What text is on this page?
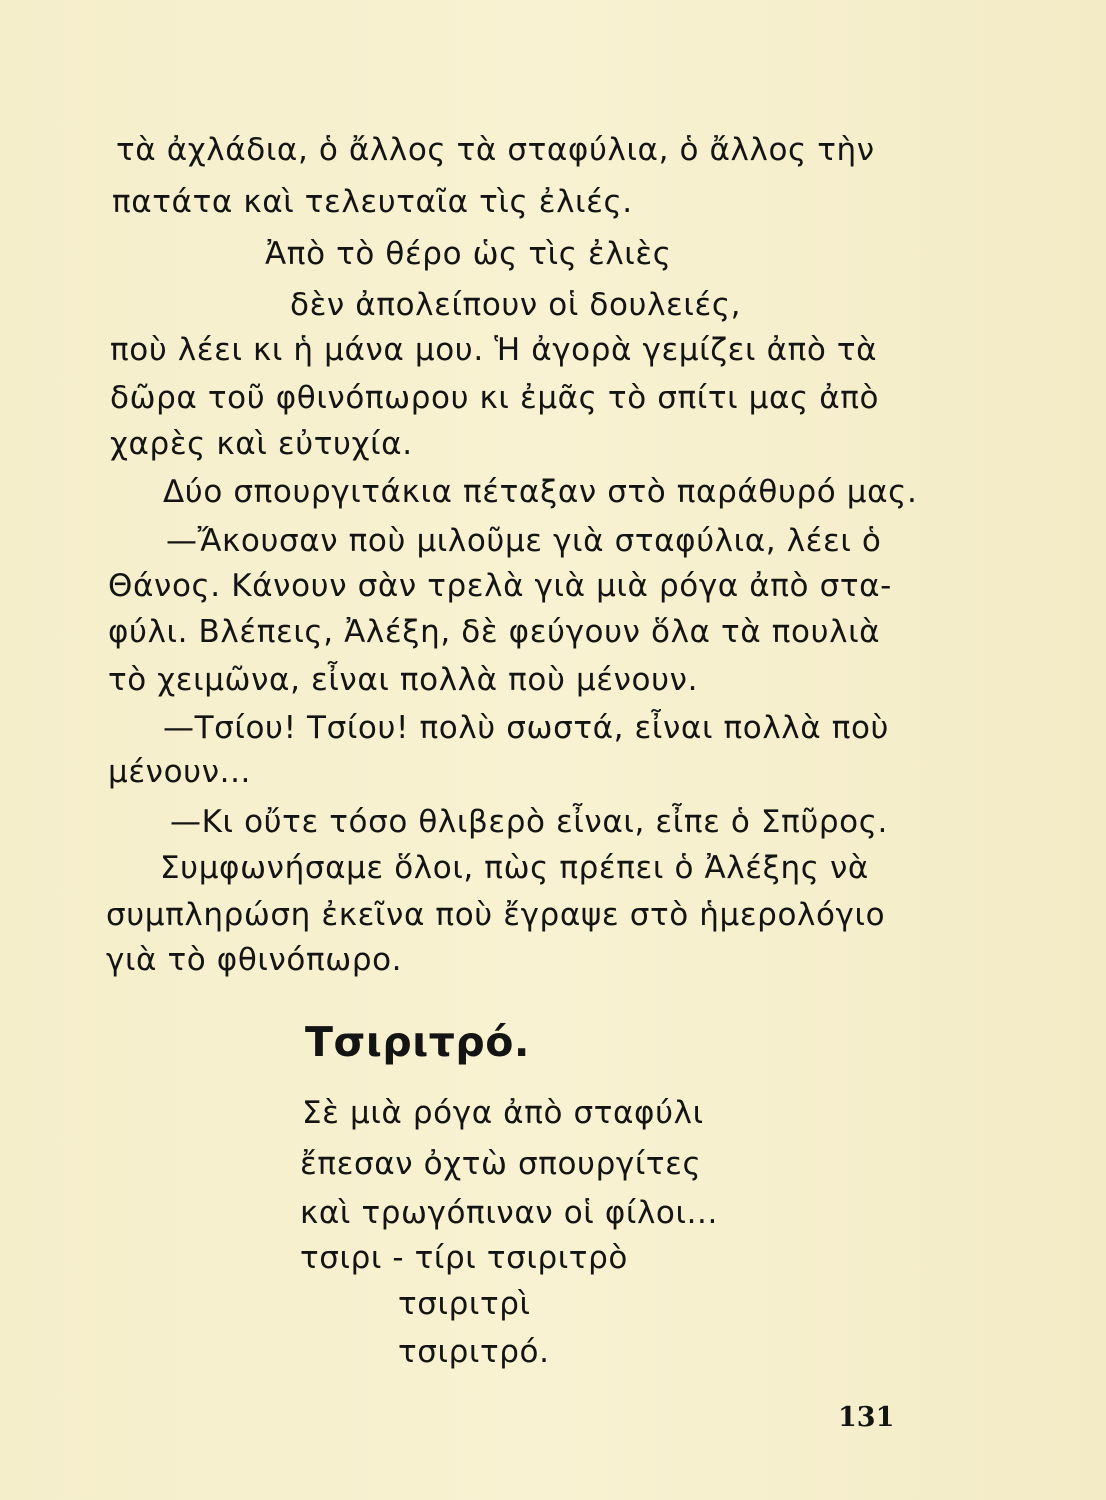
τὰ ἀχλάδια, ὁ ἄλλος τὰ σταφύλια, ὁ ἄλλος τὴν
πατάτα καὶ τελευταῖα τὶς ἐλιές.
Ἀπὸ τὸ θέρο ὡς τὶς ἐλιὲς
δὲν ἀπολείπουν οἱ δουλειές,
ποὺ λέει κι ἡ μάνα μου. Ἡ ἀγορὰ γεμίζει ἀπὸ τὰ
δῶρα τοῦ φθινόπωρου κι ἐμᾶς τὸ σπίτι μας ἀπὸ
χαρὲς καὶ εὐτυχία.
Δύο σπουργιτάκια πέταξαν στὸ παράθυρό μας.
—Ἄκουσαν ποὺ μιλοῦμε γιὰ σταφύλια, λέει ὁ
Θάνος. Κάνουν σὰν τρελὰ γιὰ μιὰ ρόγα ἀπὸ στα-
φύλι. Βλέπεις, Ἀλέξη, δὲ φεύγουν ὅλα τὰ πουλιὰ
τὸ χειμῶνα, εἶναι πολλὰ ποὺ μένουν.
—Τσίου! Τσίου! πολὺ σωστά, εἶναι πολλὰ ποὺ
μένουν...
—Κι οὔτε τόσο θλιβερὸ εἶναι, εἶπε ὁ Σπῦρος.
Συμφωνήσαμε ὅλοι, πὼς πρέπει ὁ Ἀλέξης νὰ
συμπληρώση ἐκεῖνα ποὺ ἔγραψε στὸ ἡμερολόγιο
γιὰ τὸ φθινόπωρο.
Τσιριτρό.
Σὲ μιὰ ρόγα ἀπὸ σταφύλι
ἔπεσαν ὀχτὼ σπουργίτες
καὶ τρωγόπιναν οἱ φίλοι...
τσιρι - τίρι τσιριτρὸ
τσιριτρὶ
τσιριτρό.
131
